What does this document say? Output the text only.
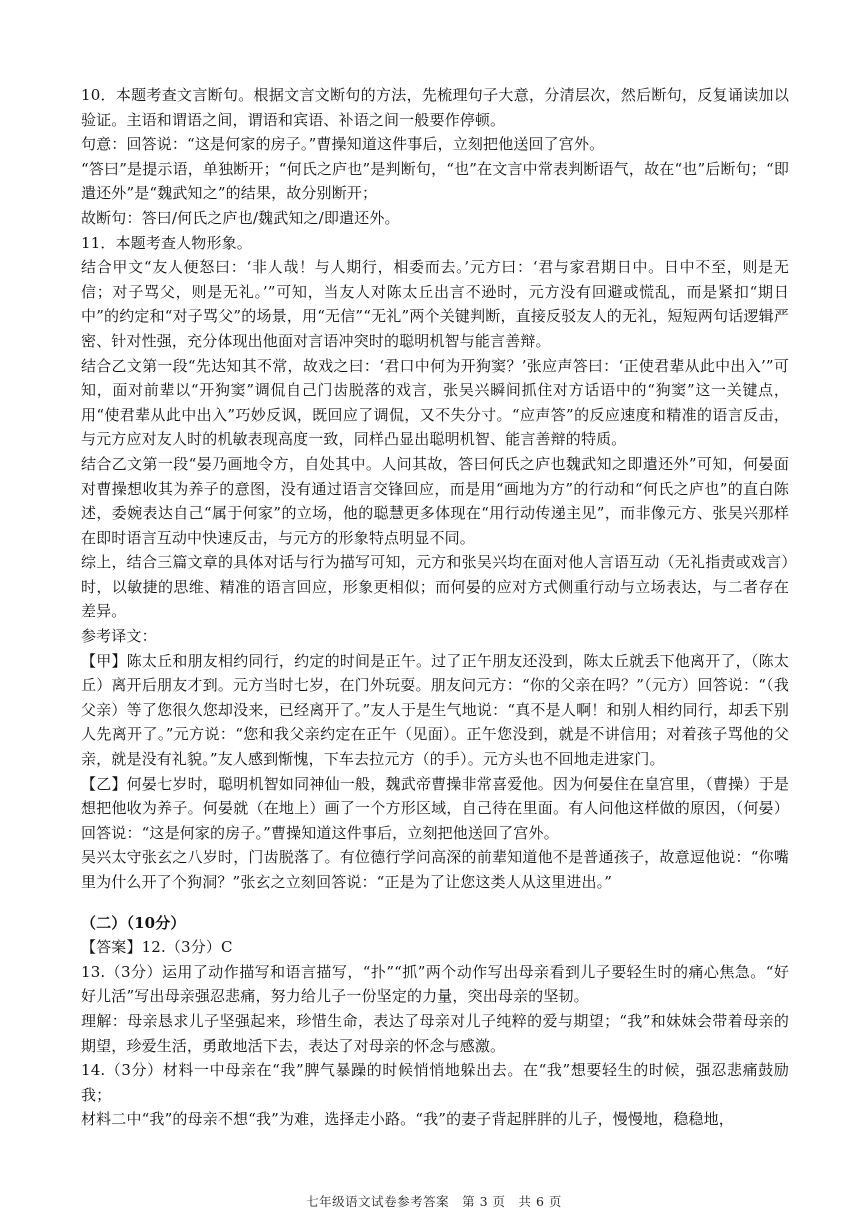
10．本题考查文言断句。根据文言文断句的方法，先梳理句子大意，分清层次，然后断句，反复诵读加以验证。主语和谓语之间，谓语和宾语、补语之间一般要作停顿。

句意：回答说：“这是何家的房子。”曹操知道这件事后，立刻把他送回了宫外。

“答曰”是提示语，单独断开；“何氏之庐也”是判断句，“也”在文言中常表判断语气，故在“也”后断句；“即遣还外”是“魏武知之”的结果，故分别断开；

故断句：答曰/何氏之庐也/魏武知之/即遣还外。

11．本题考查人物形象。

结合甲文“友人便怒曰：‘非人哉！与人期行，相委而去。’元方曰：‘君与家君期日中。日中不至，则是无信；对子骂父，则是无礼。’”可知，当友人对陈太丘出言不逊时，元方没有回避或慌乱，而是紧扣“期日中”的约定和“对子骂父”的场景，用“无信”“无礼”两个关键判断，直接反驳友人的无礼，短短两句话逻辑严密、针对性强，充分体现出他面对言语冲突时的聪明机智与能言善辩。

结合乙文第一段“先达知其不常，故戏之曰：‘君口中何为开狗窦？’张应声答曰：‘正使君辈从此中出入’”可知，面对前辈以“开狗窦”调侃自己门齿脱落的戏言，张吴兴瞬间抓住对方话语中的“狗窦”这一关键点，用“使君辈从此中出入”巧妙反讽，既回应了调侃，又不失分寸。“应声答”的反应速度和精准的语言反击，与元方应对友人时的机敏表现高度一致，同样凸显出聪明机智、能言善辩的特质。

结合乙文第一段“晏乃画地令方，自处其中。人问其故，答曰何氏之庐也魏武知之即遣还外”可知，何晏面对曹操想收其为养子的意图，没有通过语言交锋回应，而是用“画地为方”的行动和“何氏之庐也”的直白陈述，委婉表达自己“属于何家”的立场，他的聪慧更多体现在“用行动传递主见”，而非像元方、张吴兴那样在即时语言互动中快速反击，与元方的形象特点明显不同。

综上，结合三篇文章的具体对话与行为描写可知，元方和张吴兴均在面对他人言语互动（无礼指责或戏言）时，以敏捷的思维、精准的语言回应，形象更相似；而何晏的应对方式侧重行动与立场表达，与二者存在差异。

参考译文：

【甲】陈太丘和朋友相约同行，约定的时间是正午。过了正午朋友还没到，陈太丘就丢下他离开了，（陈太丘）离开后朋友才到。元方当时七岁，在门外玩耍。朋友问元方：“你的父亲在吗？”（元方）回答说：“（我父亲）等了您很久您却没来，已经离开了。”友人于是生气地说：“真不是人啊！和别人相约同行，却丢下别人先离开了。”元方说：“您和我父亲约定在正午（见面）。正午您没到，就是不讲信用；对着孩子骂他的父亲，就是没有礼貌。”友人感到惭愧，下车去拉元方（的手）。元方头也不回地走进家门。

【乙】何晏七岁时，聪明机智如同神仙一般，魏武帝曹操非常喜爱他。因为何晏住在皇宫里，（曹操）于是想把他收为养子。何晏就（在地上）画了一个方形区域，自己待在里面。有人问他这样做的原因，（何晏）回答说：“这是何家的房子。”曹操知道这件事后，立刻把他送回了宫外。

吴兴太守张玄之八岁时，门齿脱落了。有位德行学问高深的前辈知道他不是普通孩子，故意逗他说：“你嘴里为什么开了个狗洞？”张玄之立刻回答说：“正是为了让您这类人从这里进出。”

（二）（10分）

【答案】12.（3分）C

13.（3分）运用了动作描写和语言描写，“扑”“抓”两个动作写出母亲看到儿子要轻生时的痛心焦急。“好好儿活”写出母亲强忍悲痛，努力给儿子一份坚定的力量，突出母亲的坚韧。

理解：母亲恳求儿子坚强起来，珍惜生命，表达了母亲对儿子纯粹的爱与期望；“我”和妹妹会带着母亲的期望，珍爱生活，勇敢地活下去，表达了对母亲的怀念与感激。

14.（3分）材料一中母亲在“我”脾气暴躁的时候悄悄地躲出去。在“我”想要轻生的时候，强忍悲痛鼓励我；

材料二中“我”的母亲不想“我”为难，选择走小路。“我”的妻子背起胖胖的儿子，慢慢地，稳稳地，

七年级语文试卷参考答案　第 3 页　共 6 页
